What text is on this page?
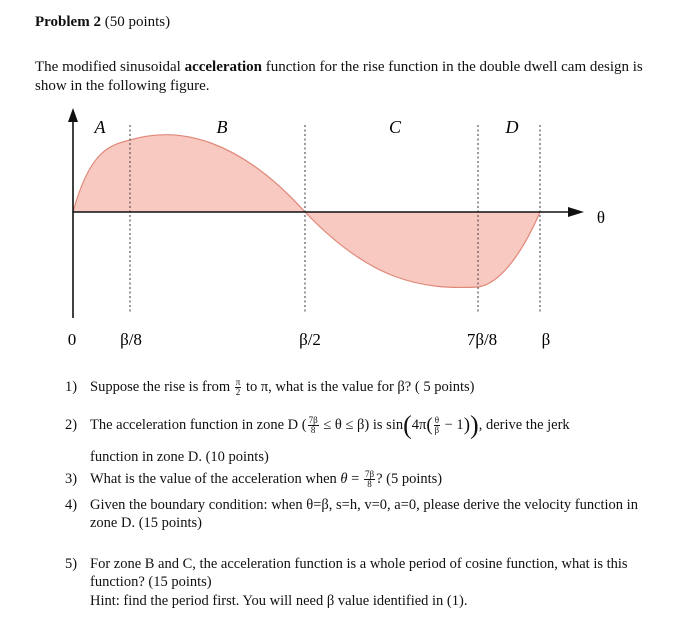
Problem 2 (50 points)

The modified sinusoidal acceleration function for the rise function in the double dwell cam design is show in the following figure.

A	B	C	D
θ
0	β/8	β/2	7β/8	β
1) Suppose the rise is from $\frac{\pi}{2}$ to π, what is the value for β? ( 5 points)
2) The acceleration function in zone D ( $\frac{7\beta}{8} \le \theta \le \beta$) is $\sin(4\pi( \frac{\theta}{\beta} - 1))$, derive the jerk
function in zone D. (10 points)
3) What is the value of the acceleration when $\theta = \frac{7\beta}{8}$ ? (5 points)
4) Given the boundary condition: when θ=β, s=h, v=0, a=0, please derive the velocity function in zone D. (15 points)
5) For zone B and C, the acceleration function is a whole period of cosine function, what is this function? (15 points)
Hint: find the period first. You will need β value identified in (1).
